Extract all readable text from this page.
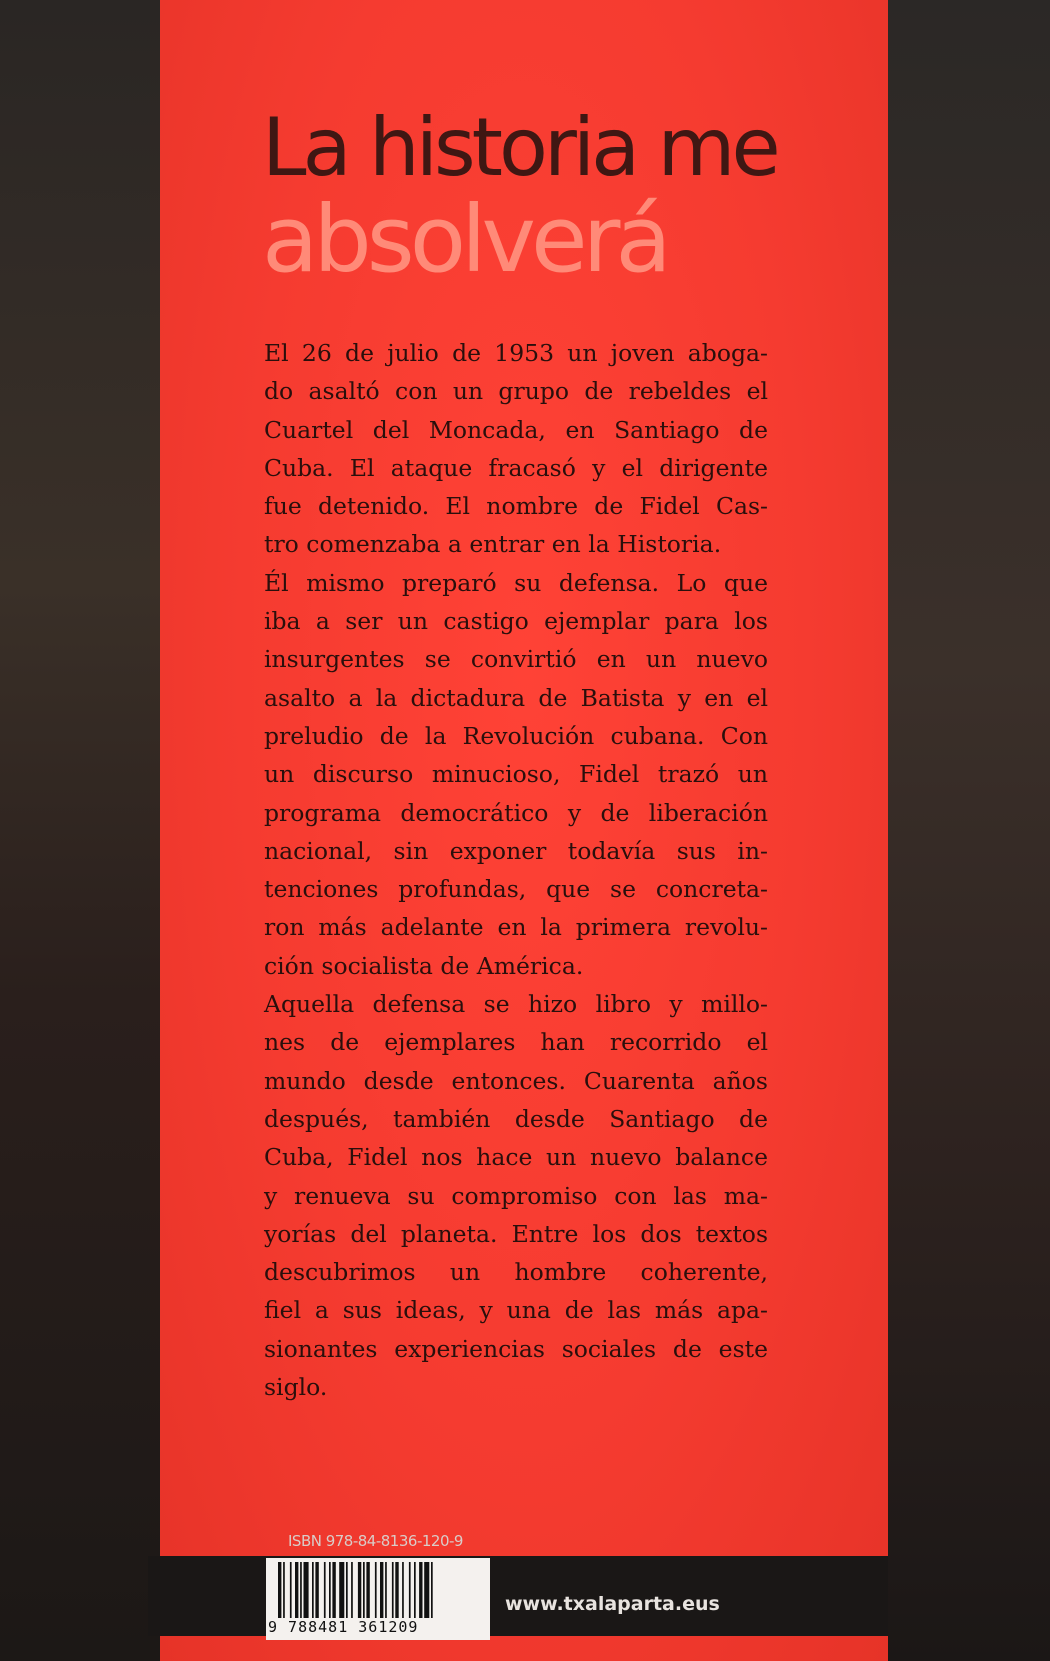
La historia me
absolverá

El 26 de julio de 1953 un joven aboga-
do asaltó con un grupo de rebeldes el
Cuartel del Moncada, en Santiago de
Cuba. El ataque fracasó y el dirigente
fue detenido. El nombre de Fidel Cas-
tro comenzaba a entrar en la Historia.

Él mismo preparó su defensa. Lo que
iba a ser un castigo ejemplar para los
insurgentes se convirtió en un nuevo
asalto a la dictadura de Batista y en el
preludio de la Revolución cubana. Con
un discurso minucioso, Fidel trazó un
programa democrático y de liberación
nacional, sin exponer todavía sus in-
tenciones profundas, que se concreta-
ron más adelante en la primera revolu-
ción socialista de América.

Aquella defensa se hizo libro y millo-
nes de ejemplares han recorrido el
mundo desde entonces. Cuarenta años
después, también desde Santiago de
Cuba, Fidel nos hace un nuevo balance
y renueva su compromiso con las ma-
yorías del planeta. Entre los dos textos
descubrimos un hombre coherente,
fiel a sus ideas, y una de las más apa-
sionantes experiencias sociales de este
siglo.

ISBN 978-84-8136-120-9
9 788481 361209
www.txalaparta.eus
